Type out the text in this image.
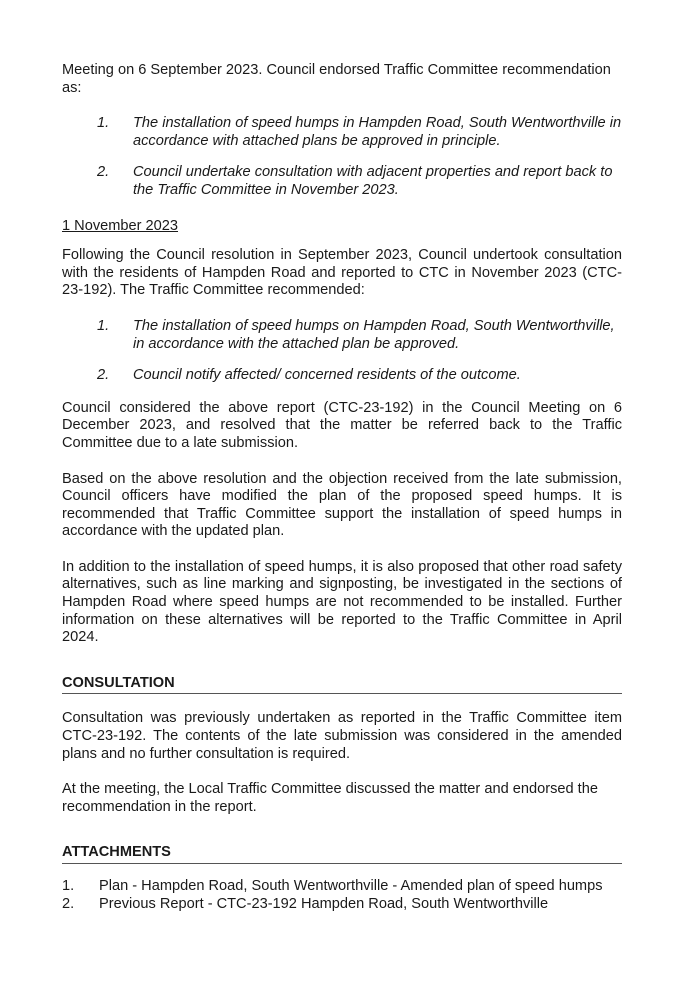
Meeting on 6 September 2023. Council endorsed Traffic Committee recommendation as:

1. The installation of speed humps in Hampden Road, South Wentworthville in accordance with attached plans be approved in principle.

2. Council undertake consultation with adjacent properties and report back to the Traffic Committee in November 2023.

1 November 2023

Following the Council resolution in September 2023, Council undertook consultation with the residents of Hampden Road and reported to CTC in November 2023 (CTC-23-192). The Traffic Committee recommended:

1. The installation of speed humps on Hampden Road, South Wentworthville, in accordance with the attached plan be approved.

2. Council notify affected/ concerned residents of the outcome.

Council considered the above report (CTC-23-192) in the Council Meeting on 6 December 2023, and resolved that the matter be referred back to the Traffic Committee due to a late submission.

Based on the above resolution and the objection received from the late submission, Council officers have modified the plan of the proposed speed humps. It is recommended that Traffic Committee support the installation of speed humps in accordance with the updated plan.

In addition to the installation of speed humps, it is also proposed that other road safety alternatives, such as line marking and signposting, be investigated in the sections of Hampden Road where speed humps are not recommended to be installed. Further information on these alternatives will be reported to the Traffic Committee in April 2024.

CONSULTATION

Consultation was previously undertaken as reported in the Traffic Committee item CTC-23-192. The contents of the late submission was considered in the amended plans and no further consultation is required.

At the meeting, the Local Traffic Committee discussed the matter and endorsed the recommendation in the report.

ATTACHMENTS

1. Plan - Hampden Road, South Wentworthville - Amended plan of speed humps

2. Previous Report - CTC-23-192 Hampden Road, South Wentworthville
